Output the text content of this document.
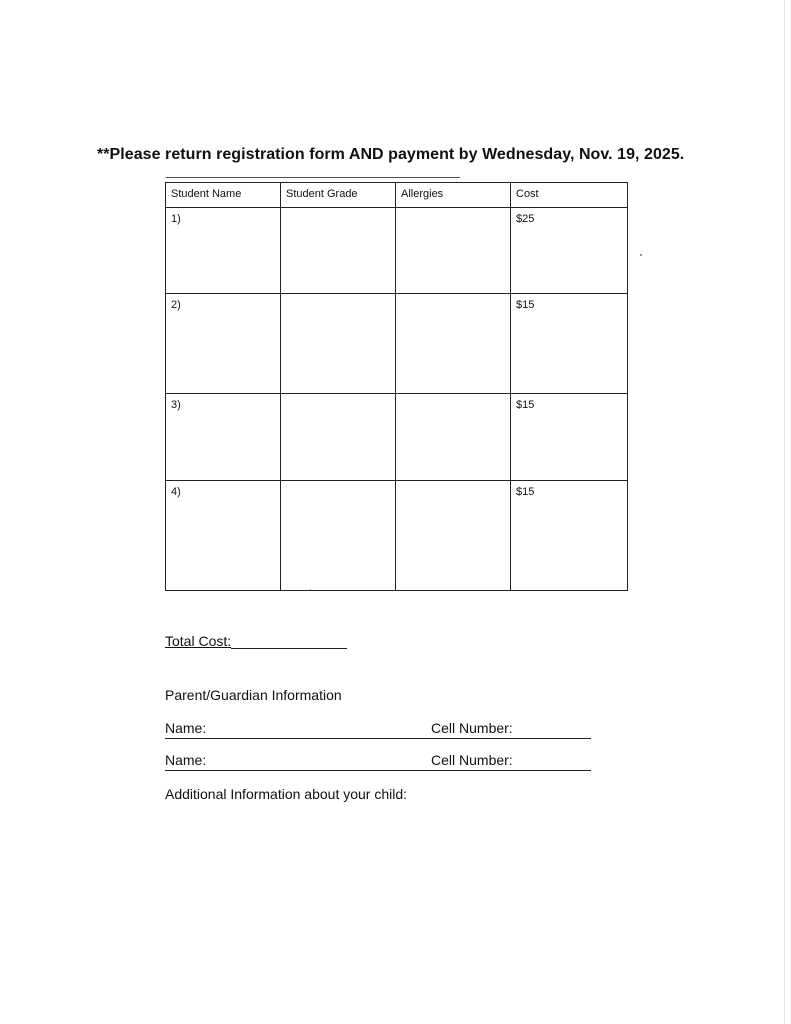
**Please return registration form AND payment by Wednesday, Nov. 19, 2025.
Student Name	Student Grade	Allergies	Cost
1)			$25
2)			$15
3)			$15
4)			$15
Total Cost:
Parent/Guardian Information
Name:	Cell Number:
Name:	Cell Number:
Additional Information about your child:
